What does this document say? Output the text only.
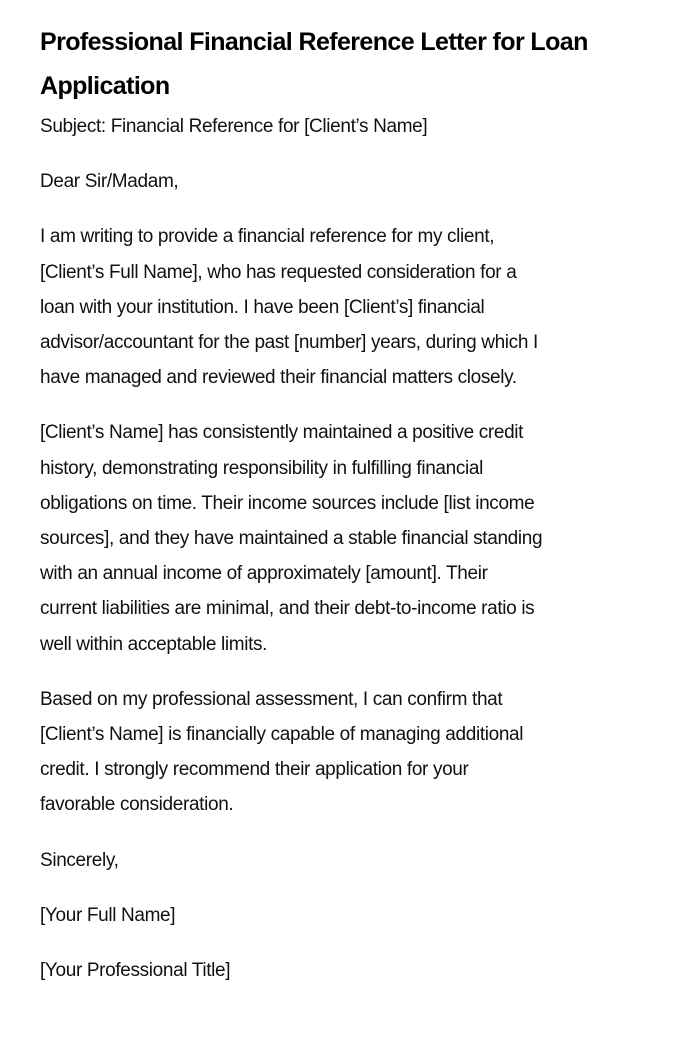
Professional Financial Reference Letter for Loan
Application

Subject: Financial Reference for [Client’s Name]

Dear Sir/Madam,

I am writing to provide a financial reference for my client,
[Client’s Full Name], who has requested consideration for a
loan with your institution. I have been [Client’s] financial
advisor/accountant for the past [number] years, during which I
have managed and reviewed their financial matters closely.

[Client’s Name] has consistently maintained a positive credit
history, demonstrating responsibility in fulfilling financial
obligations on time. Their income sources include [list income
sources], and they have maintained a stable financial standing
with an annual income of approximately [amount]. Their
current liabilities are minimal, and their debt-to-income ratio is
well within acceptable limits.

Based on my professional assessment, I can confirm that
[Client’s Name] is financially capable of managing additional
credit. I strongly recommend their application for your
favorable consideration.

Sincerely,

[Your Full Name]

[Your Professional Title]
